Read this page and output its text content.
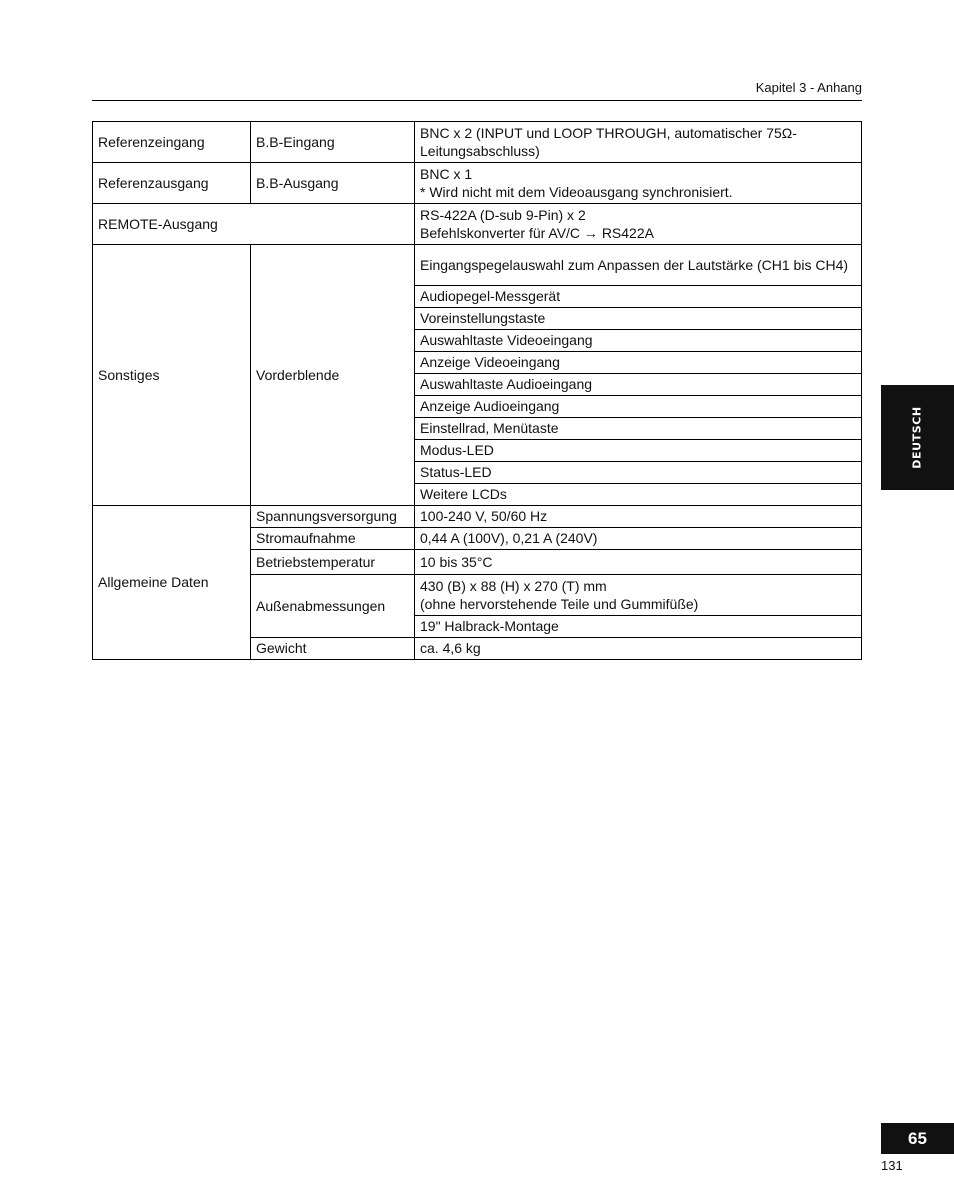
Kapitel 3 - Anhang
Referenzeingang	B.B-Eingang	BNC x 2 (INPUT und LOOP THROUGH, automatischer 75Ω-
Leitungsabschluss)
Referenzausgang	B.B-Ausgang	BNC x 1
* Wird nicht mit dem Videoausgang synchronisiert.
REMOTE-Ausgang		RS-422A (D-sub 9-Pin) x 2
Befehlskonverter für AV/C → RS422A
Sonstiges	Vorderblende	Eingangspegelauswahl zum Anpassen der Lautstärke (CH1 bis CH4)
		Audiopegel-Messgerät
		Voreinstellungstaste
		Auswahltaste Videoeingang
		Anzeige Videoeingang
		Auswahltaste Audioeingang
		Anzeige Audioeingang
		Einstellrad, Menütaste
		Modus-LED
		Status-LED
		Weitere LCDs
Allgemeine Daten	Spannungsversorgung	100-240 V, 50/60 Hz
	Stromaufnahme	0,44 A (100V), 0,21 A (240V)
	Betriebstemperatur	10 bis 35°C
	Außenabmessungen	430 (B) x 88 (H) x 270 (T) mm
(ohne hervorstehende Teile und Gummifüße)
		19" Halbrack-Montage
	Gewicht	ca. 4,6 kg
DEUTSCH
65
131
